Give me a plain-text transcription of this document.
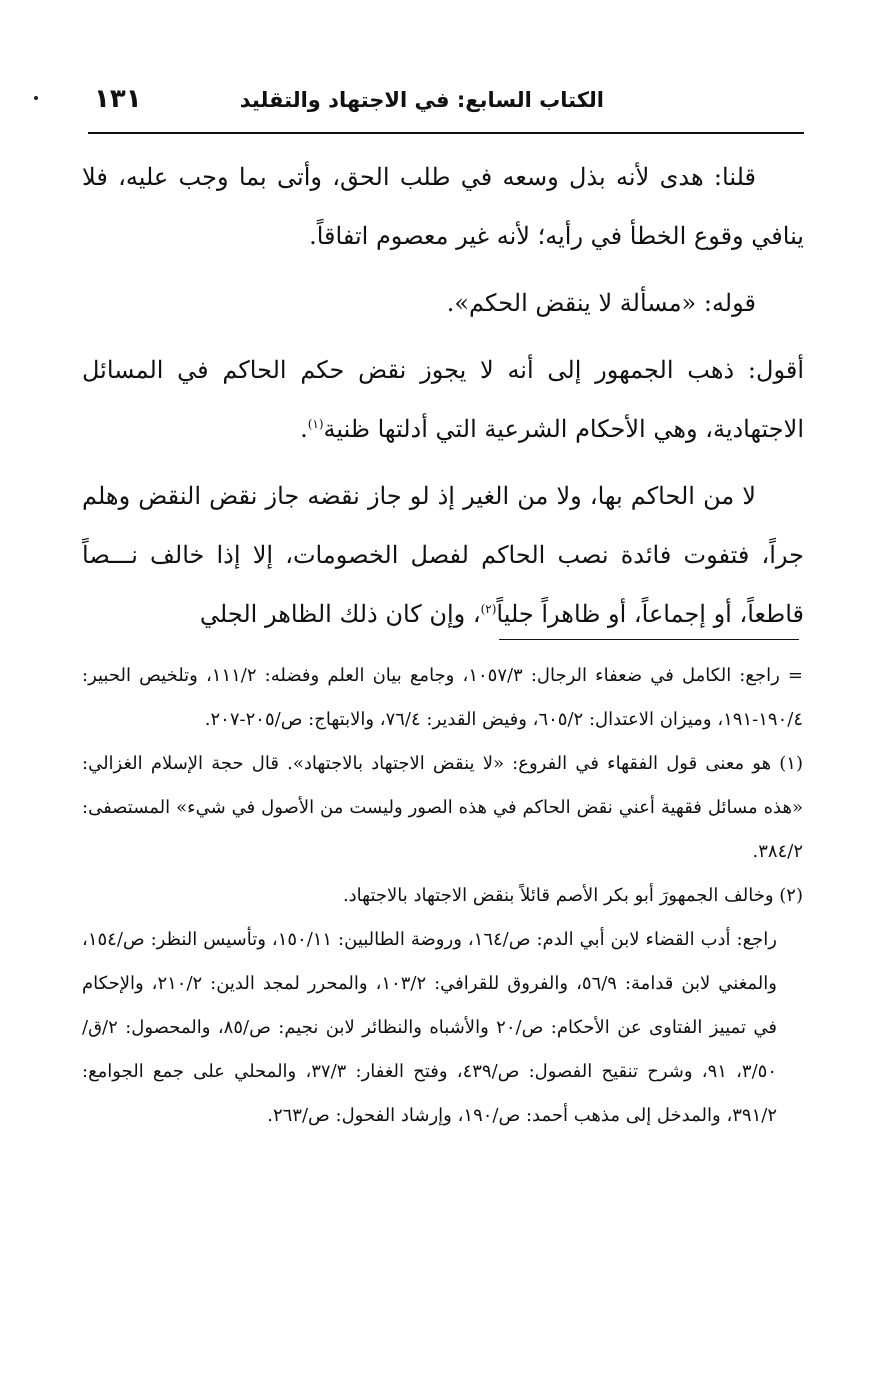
الكتاب السابع: في الاجتهاد والتقليد
١٣١

قلنا: هدى لأنه بذل وسعه في طلب الحق، وأتى بما وجب عليه، فلا ينافي وقوع الخطأ في رأيه؛ لأنه غير معصوم اتفاقاً.

قوله: «مسألة لا ينقض الحكم».

أقول: ذهب الجمهور إلى أنه لا يجوز نقض حكم الحاكم في المسائل الاجتهادية، وهي الأحكام الشرعية التي أدلتها ظنية$^{(١)}$.

لا من الحاكم بها، ولا من الغير إذ لو جاز نقضه جاز نقض النقض وهلم جراً، فتفوت فائدة نصب الحاكم لفصل الخصومات، إلا إذا خالف نـــصاً قاطعاً، أو إجماعاً، أو ظاهراً جلياً$^{(٢)}$، وإن كان ذلك الظاهر الجلي

= راجع: الكامل في ضعفاء الرجال: ١٠٥٧/٣، وجامع بيان العلم وفضله: ١١١/٢، وتلخيص الحبير: ١٩٠/٤-١٩١، وميزان الاعتدال: ٦٠٥/٢، وفيض القدير: ٧٦/٤، والابتهاج: ص/٢٠٥-٢٠٧.

(١) هو معنى قول الفقهاء في الفروع: «لا ينقض الاجتهاد بالاجتهاد». قال حجة الإسلام الغزالي: «هذه مسائل فقهية أعني نقض الحاكم في هذه الصور وليست من الأصول في شيء» المستصفى: ٣٨٤/٢.

(٢) وخالف الجمهورَ أبو بكر الأصم قائلاً بنقض الاجتهاد بالاجتهاد.

راجع: أدب القضاء لابن أبي الدم: ص/١٦٤، وروضة الطالبين: ١٥٠/١١، وتأسيس النظر: ص/١٥٤، والمغني لابن قدامة: ٥٦/٩، والفروق للقرافي: ١٠٣/٢، والمحرر لمجد الدين: ٢١٠/٢، والإحكام في تمييز الفتاوى عن الأحكام: ص/٢٠ والأشباه والنظائر لابن نجيم: ص/٨٥، والمحصول: ٢/ق/٣/٥٠، ٩١، وشرح تنقيح الفصول: ص/٤٣٩، وفتح الغفار: ٣٧/٣، والمحلي على جمع الجوامع: ٣٩١/٢، والمدخل إلى مذهب أحمد: ص/١٩٠، وإرشاد الفحول: ص/٢٦٣.
